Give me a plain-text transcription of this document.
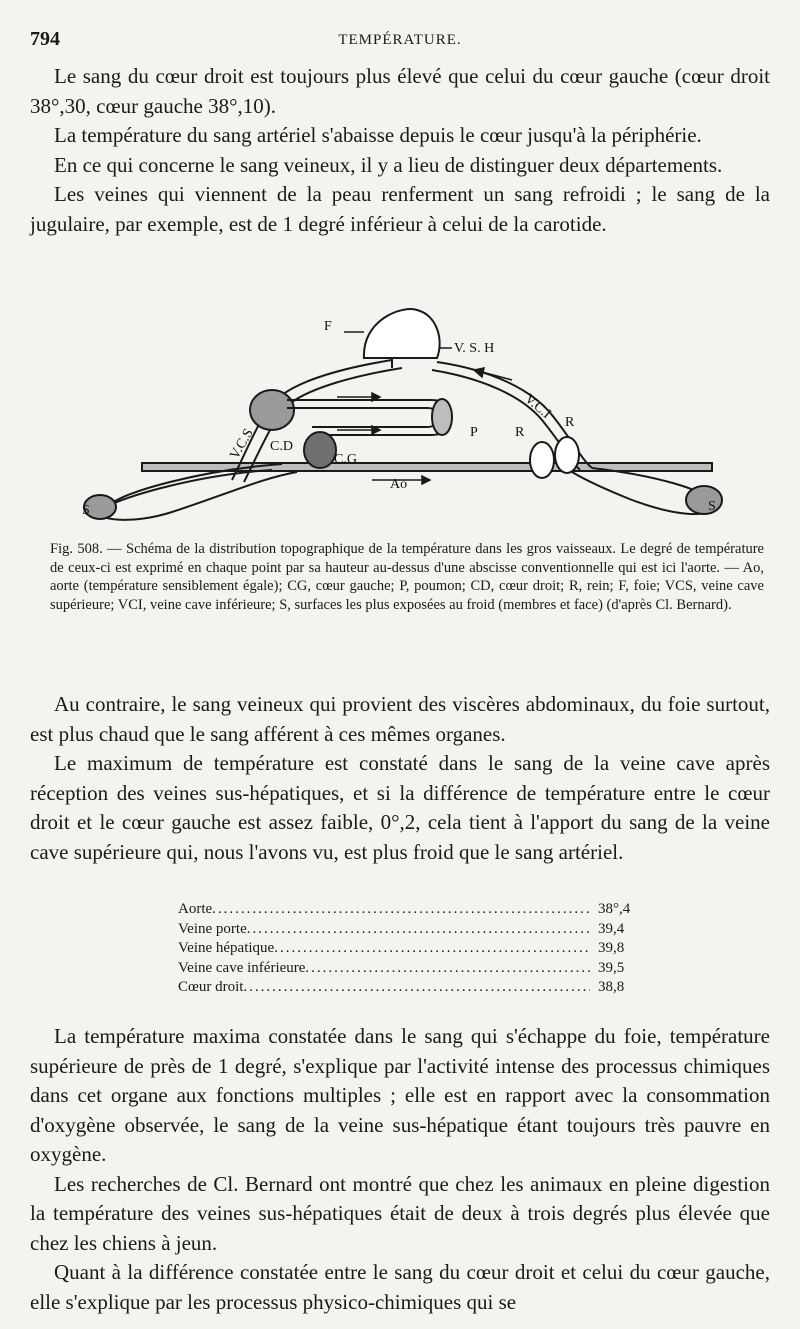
794	TEMPÉRATURE.

Le sang du cœur droit est toujours plus élevé que celui du cœur gauche (cœur droit 38°,30, cœur gauche 38°,10).

La température du sang artériel s'abaisse depuis le cœur jusqu'à la périphérie.

En ce qui concerne le sang veineux, il y a lieu de distinguer deux départements.

Les veines qui viennent de la peau renferment un sang refroidi ; le sang de la jugulaire, par exemple, est de 1 degré inférieur à celui de la carotide.

F
V. S. H
V.C.I
V.C.S	P	R
R
C.D
C.G
Ao
S	S
Fig. 508. — Schéma de la distribution topographique de la température dans les gros vaisseaux. Le degré de température de ceux-ci est exprimé en chaque point par sa hauteur au-dessus d'une abscisse conventionnelle qui est ici l'aorte. — Ao, aorte (température sensiblement égale); CG, cœur gauche; P, poumon; CD, cœur droit; R, rein; F, foie; VCS, veine cave supérieure; VCI, veine cave inférieure; S, surfaces les plus exposées au froid (membres et face) (d'après Cl. Bernard).

Au contraire, le sang veineux qui provient des viscères abdominaux, du foie surtout, est plus chaud que le sang afférent à ces mêmes organes.

Le maximum de température est constaté dans le sang de la veine cave après réception des veines sus-hépatiques, et si la différence de température entre le cœur droit et le cœur gauche est assez faible, 0°,2, cela tient à l'apport du sang de la veine cave supérieure qui, nous l'avons vu, est plus froid que le sang artériel.

Aorte .....	38°,4
Veine porte .....	39,4
Veine hépatique .....	39,8
Veine cave inférieure .....	39,5
Cœur droit .....	38,8

La température maxima constatée dans le sang qui s'échappe du foie, température supérieure de près de 1 degré, s'explique par l'activité intense des processus chimiques dans cet organe aux fonctions multiples ; elle est en rapport avec la consommation d'oxygène observée, le sang de la veine sus-hépatique étant toujours très pauvre en oxygène.

Les recherches de Cl. Bernard ont montré que chez les animaux en pleine digestion la température des veines sus-hépatiques était de deux à trois degrés plus élevée que chez les chiens à jeun.

Quant à la différence constatée entre le sang du cœur droit et celui du cœur gauche, elle s'explique par les processus physico-chimiques qui se
